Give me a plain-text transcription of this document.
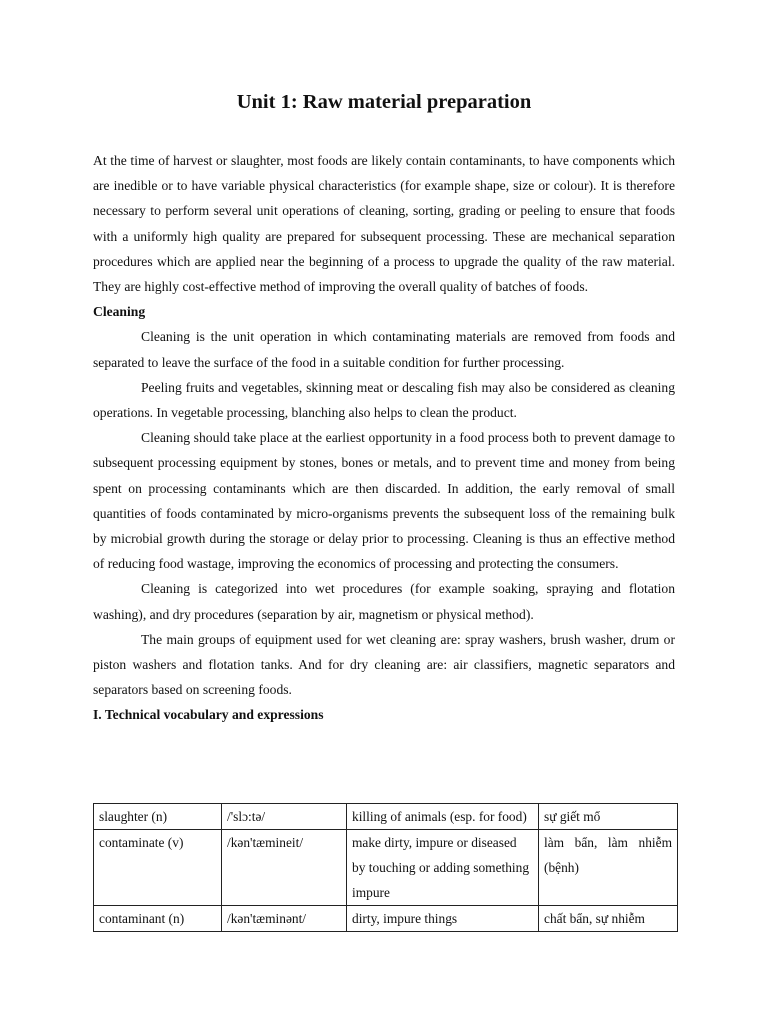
Unit 1: Raw material preparation

At the time of harvest or slaughter, most foods are likely contain contaminants, to have components which are inedible or to have variable physical characteristics (for example shape, size or colour). It is therefore necessary to perform several unit operations of cleaning, sorting, grading or peeling to ensure that foods with a uniformly high quality are prepared for subsequent processing. These are mechanical separation procedures which are applied near the beginning of a process to upgrade the quality of the raw material. They are highly cost-effective method of improving the overall quality of batches of foods.

Cleaning

Cleaning is the unit operation in which contaminating materials are removed from foods and separated to leave the surface of the food in a suitable condition for further processing.

Peeling fruits and vegetables, skinning meat or descaling fish may also be considered as cleaning operations. In vegetable processing, blanching also helps to clean the product.

Cleaning should take place at the earliest opportunity in a food process both to prevent damage to subsequent processing equipment by stones, bones or metals, and to prevent time and money from being spent on processing contaminants which are then discarded. In addition, the early removal of small quantities of foods contaminated by micro-organisms prevents the subsequent loss of the remaining bulk by microbial growth during the storage or delay prior to processing. Cleaning is thus an effective method of reducing food wastage, improving the economics of processing and protecting the consumers.

Cleaning is categorized into wet procedures (for example soaking, spraying and flotation washing), and dry procedures (separation by air, magnetism or physical method).

The main groups of equipment used for wet cleaning are: spray washers, brush washer, drum or piston washers and flotation tanks. And for dry cleaning are: air classifiers, magnetic separators and separators based on screening foods.

I. Technical vocabulary and expressions

slaughter (n)	/'slɔ:tə/	killing of animals (esp. for food)	sự giết mổ
contaminate (v)	/kən'tæmineit/	make dirty, impure or diseased by touching or adding something impure	làm bẩn, làm nhiễm (bệnh)
contaminant (n)	/kən'tæminənt/	dirty, impure things	chất bẩn, sự nhiễm
